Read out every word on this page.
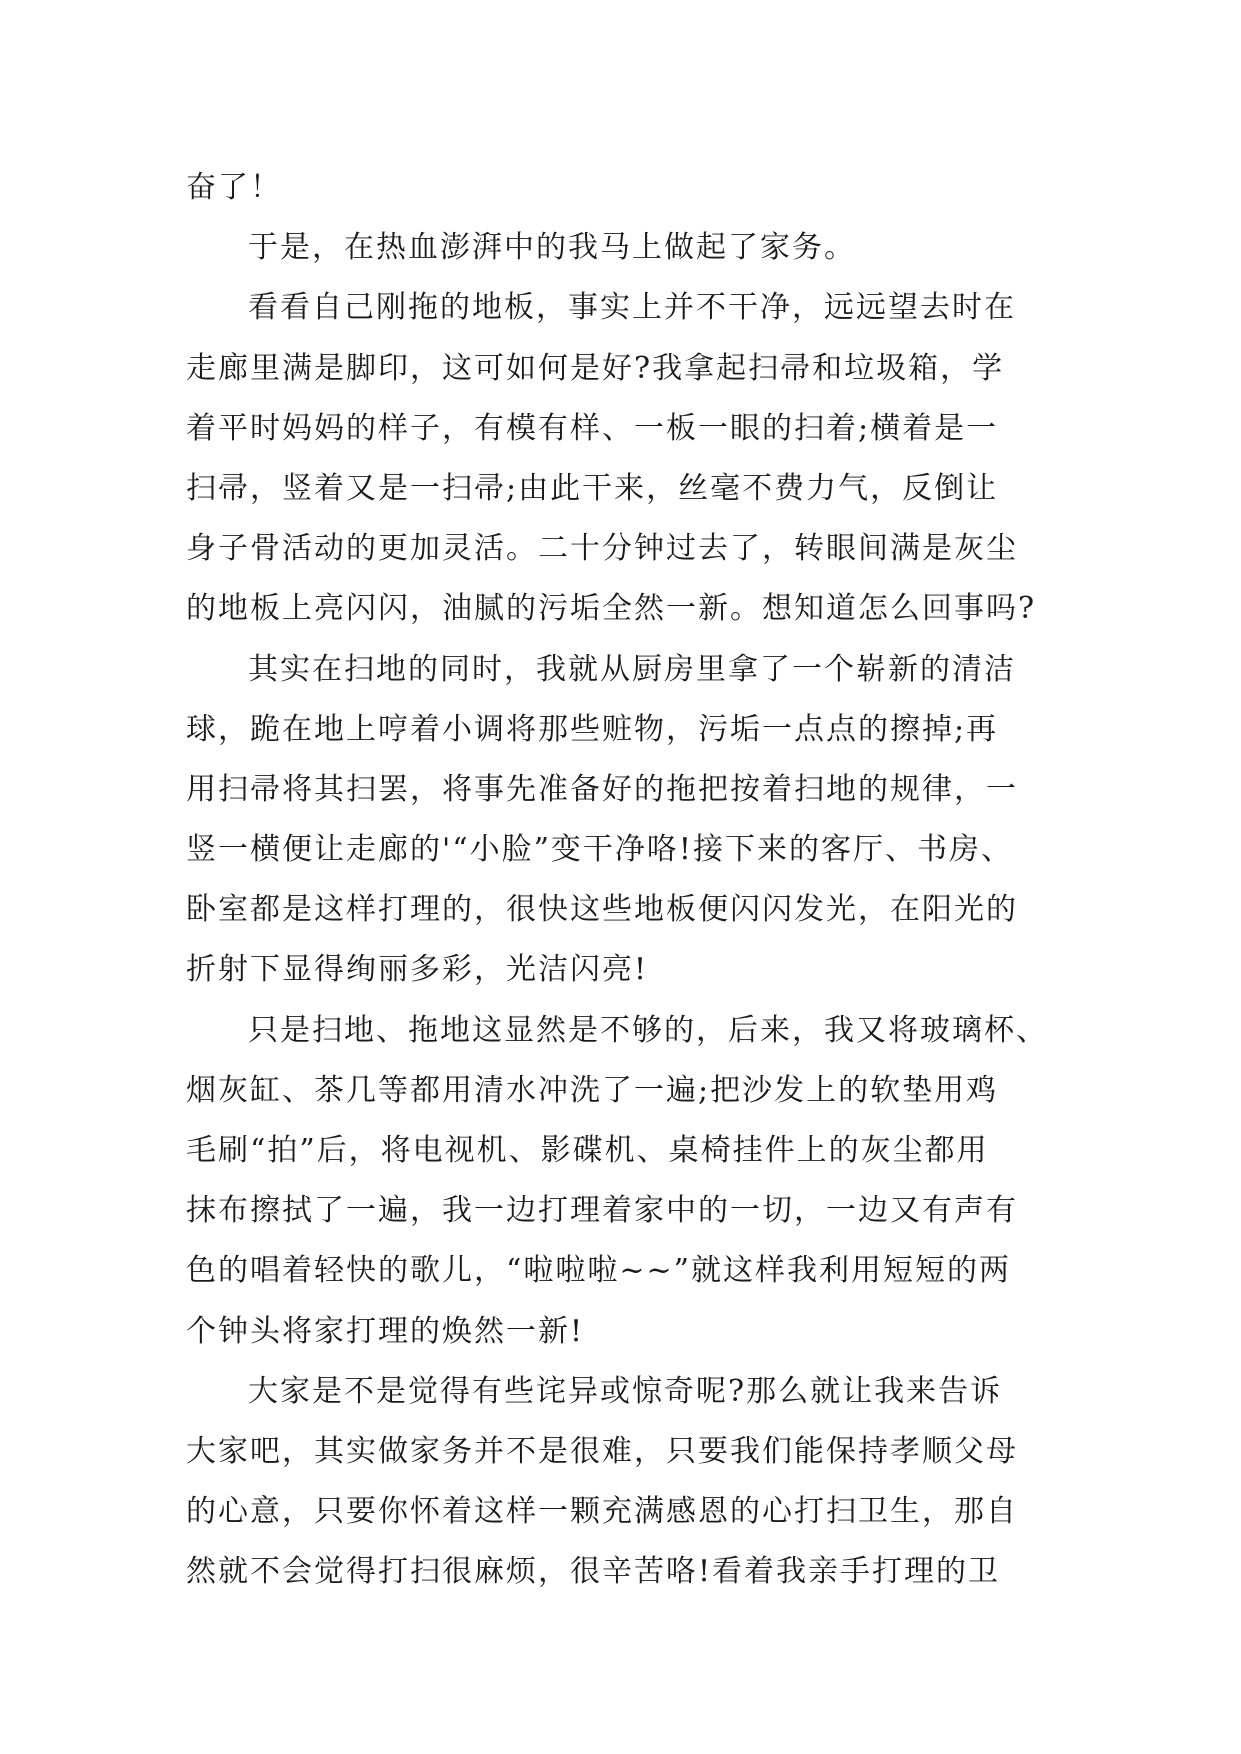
奋了！
于是，在热血澎湃中的我马上做起了家务。
看看自己刚拖的地板，事实上并不干净，远远望去时在
走廊里满是脚印，这可如何是好?我拿起扫帚和垃圾箱，学
着平时妈妈的样子，有模有样、一板一眼的扫着;横着是一
扫帚，竖着又是一扫帚;由此干来，丝毫不费力气，反倒让
身子骨活动的更加灵活。二十分钟过去了，转眼间满是灰尘
的地板上亮闪闪，油腻的污垢全然一新。想知道怎么回事吗?
其实在扫地的同时，我就从厨房里拿了一个崭新的清洁
球，跪在地上哼着小调将那些赃物，污垢一点点的擦掉;再
用扫帚将其扫罢，将事先准备好的拖把按着扫地的规律，一
竖一横便让走廊的'“小脸”变干净咯!接下来的客厅、书房、
卧室都是这样打理的，很快这些地板便闪闪发光，在阳光的
折射下显得绚丽多彩，光洁闪亮!
只是扫地、拖地这显然是不够的，后来，我又将玻璃杯、
烟灰缸、茶几等都用清水冲洗了一遍;把沙发上的软垫用鸡
毛刷“拍”后，将电视机、影碟机、桌椅挂件上的灰尘都用
抹布擦拭了一遍，我一边打理着家中的一切，一边又有声有
色的唱着轻快的歌儿，“啦啦啦~~”就这样我利用短短的两
个钟头将家打理的焕然一新!
大家是不是觉得有些诧异或惊奇呢?那么就让我来告诉
大家吧，其实做家务并不是很难，只要我们能保持孝顺父母
的心意，只要你怀着这样一颗充满感恩的心打扫卫生，那自
然就不会觉得打扫很麻烦，很辛苦咯!看着我亲手打理的卫
